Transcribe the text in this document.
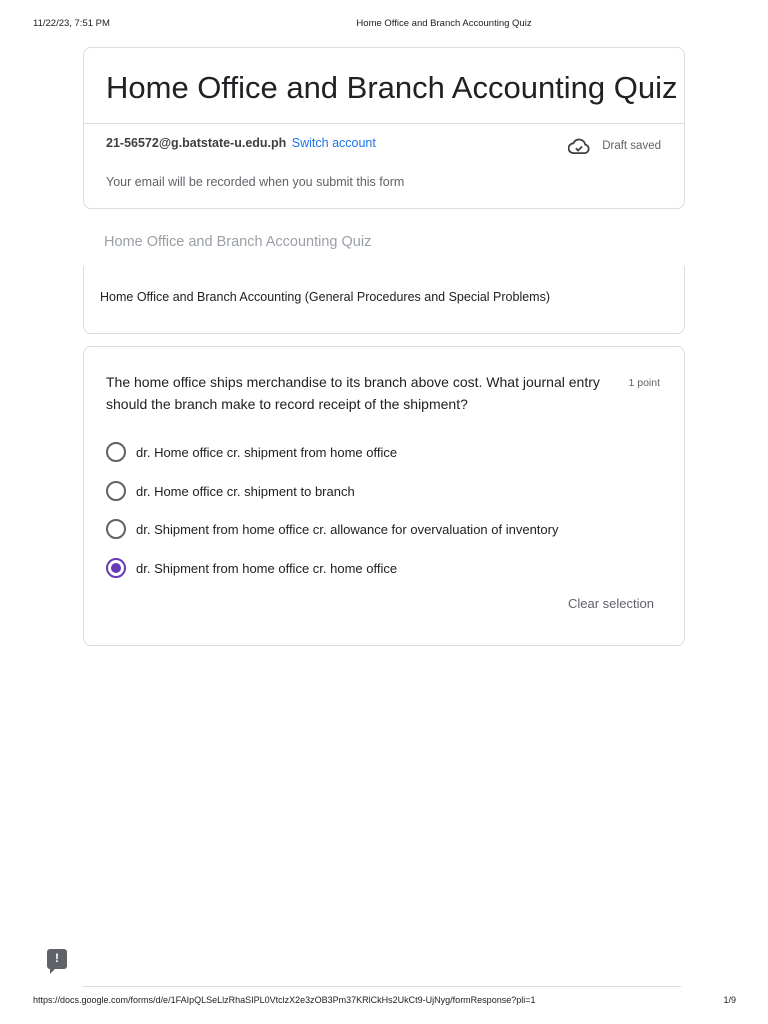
11/22/23, 7:51 PM	Home Office and Branch Accounting Quiz
Home Office and Branch Accounting Quiz
21-56572@g.batstate-u.edu.ph Switch account	Draft saved
Your email will be recorded when you submit this form
Home Office and Branch Accounting Quiz
Home Office and Branch Accounting (General Procedures and Special Problems)
The home office ships merchandise to its branch above cost. What journal entry should the branch make to record receipt of the shipment?
1 point
dr. Home office cr. shipment from home office
dr. Home office cr. shipment to branch
dr. Shipment from home office cr. allowance for overvaluation of inventory
dr. Shipment from home office cr. home office
Clear selection
!
https://docs.google.com/forms/d/e/1FAIpQLSeLlzRhaSIPL0VtclzX2e3zOB3Pm37KRlCkHs2UkCt9-UjNyg/formResponse?pli=1	1/9
